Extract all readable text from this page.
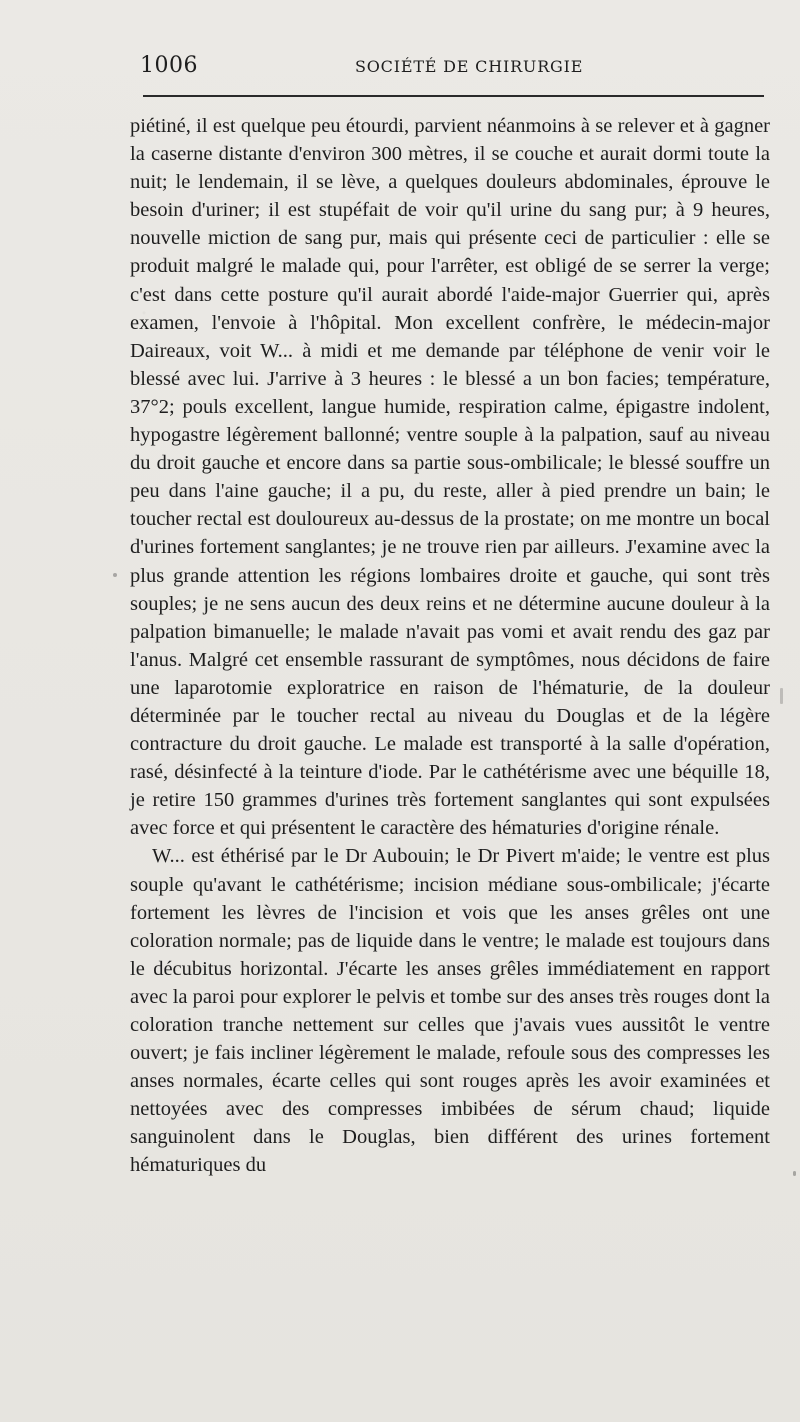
1006	SOCIÉTÉ DE CHIRURGIE

piétiné, il est quelque peu étourdi, parvient néanmoins à se relever et à gagner la caserne distante d'environ 300 mètres, il se couche et aurait dormi toute la nuit; le lendemain, il se lève, a quelques douleurs abdominales, éprouve le besoin d'uriner; il est stupéfait de voir qu'il urine du sang pur; à 9 heures, nouvelle miction de sang pur, mais qui présente ceci de particulier : elle se produit malgré le malade qui, pour l'arrêter, est obligé de se serrer la verge; c'est dans cette posture qu'il aurait abordé l'aide-major Guerrier qui, après examen, l'envoie à l'hôpital. Mon excellent confrère, le médecin-major Daireaux, voit W... à midi et me demande par téléphone de venir voir le blessé avec lui. J'arrive à 3 heures : le blessé a un bon facies; température, 37°2; pouls excellent, langue humide, respiration calme, épigastre indolent, hypogastre légèrement ballonné; ventre souple à la palpation, sauf au niveau du droit gauche et encore dans sa partie sous-ombilicale; le blessé souffre un peu dans l'aine gauche; il a pu, du reste, aller à pied prendre un bain; le toucher rectal est douloureux au-dessus de la prostate; on me montre un bocal d'urines fortement sanglantes; je ne trouve rien par ailleurs. J'examine avec la plus grande attention les régions lombaires droite et gauche, qui sont très souples; je ne sens aucun des deux reins et ne détermine aucune douleur à la palpation bimanuelle; le malade n'avait pas vomi et avait rendu des gaz par l'anus. Malgré cet ensemble rassurant de symptômes, nous décidons de faire une laparotomie exploratrice en raison de l'hématurie, de la douleur déterminée par le toucher rectal au niveau du Douglas et de la légère contracture du droit gauche. Le malade est transporté à la salle d'opération, rasé, désinfecté à la teinture d'iode. Par le cathétérisme avec une béquille 18, je retire 150 grammes d'urines très fortement sanglantes qui sont expulsées avec force et qui présentent le caractère des hématuries d'origine rénale.

W... est éthérisé par le Dr Aubouin; le Dr Pivert m'aide; le ventre est plus souple qu'avant le cathétérisme; incision médiane sous-ombilicale; j'écarte fortement les lèvres de l'incision et vois que les anses grêles ont une coloration normale; pas de liquide dans le ventre; le malade est toujours dans le décubitus horizontal. J'écarte les anses grêles immédiatement en rapport avec la paroi pour explorer le pelvis et tombe sur des anses très rouges dont la coloration tranche nettement sur celles que j'avais vues aussitôt le ventre ouvert; je fais incliner légèrement le malade, refoule sous des compresses les anses normales, écarte celles qui sont rouges après les avoir examinées et nettoyées avec des compresses imbibées de sérum chaud; liquide sanguinolent dans le Douglas, bien différent des urines fortement hématuriques du
